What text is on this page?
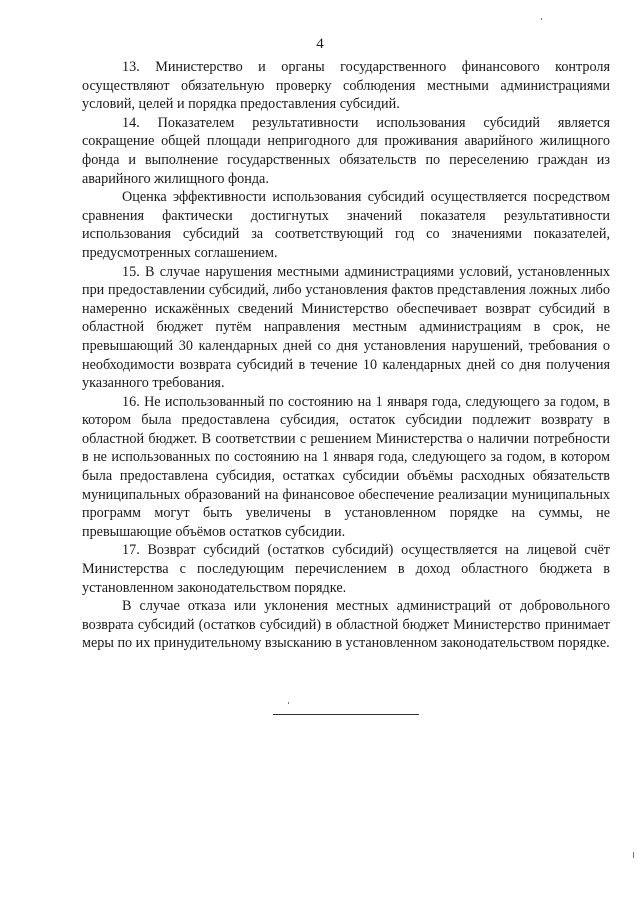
4

13. Министерство и органы государственного финансового контроля осуществляют обязательную проверку соблюдения местными администрациями условий, целей и порядка предоставления субсидий.

14. Показателем результативности использования субсидий является сокращение общей площади непригодного для проживания аварийного жилищного фонда и выполнение государственных обязательств по переселению граждан из аварийного жилищного фонда.

Оценка эффективности использования субсидий осуществляется посредством сравнения фактически достигнутых значений показателя результативности использования субсидий за соответствующий год со значениями показателей, предусмотренных соглашением.

15. В случае нарушения местными администрациями условий, установленных при предоставлении субсидий, либо установления фактов представления ложных либо намеренно искажённых сведений Министерство обеспечивает возврат субсидий в областной бюджет путём направления местным администрациям в срок, не превышающий 30 календарных дней со дня установления нарушений, требования о необходимости возврата субсидий в течение 10 календарных дней со дня получения указанного требования.

16. Не использованный по состоянию на 1 января года, следующего за годом, в котором была предоставлена субсидия, остаток субсидии подлежит возврату в областной бюджет. В соответствии с решением Министерства о наличии потребности в не использованных по состоянию на 1 января года, следующего за годом, в котором была предоставлена субсидия, остатках субсидии объёмы расходных обязательств муниципальных образований на финансовое обеспечение реализации муниципальных программ могут быть увеличены в установленном порядке на суммы, не превышающие объёмов остатков субсидии.

17. Возврат субсидий (остатков субсидий) осуществляется на лицевой счёт Министерства с последующим перечислением в доход областного бюджета в установленном законодательством порядке.

В случае отказа или уклонения местных администраций от добровольного возврата субсидий (остатков субсидий) в областной бюджет Министерство принимает меры по их принудительному взысканию в установленном законодательством порядке.
